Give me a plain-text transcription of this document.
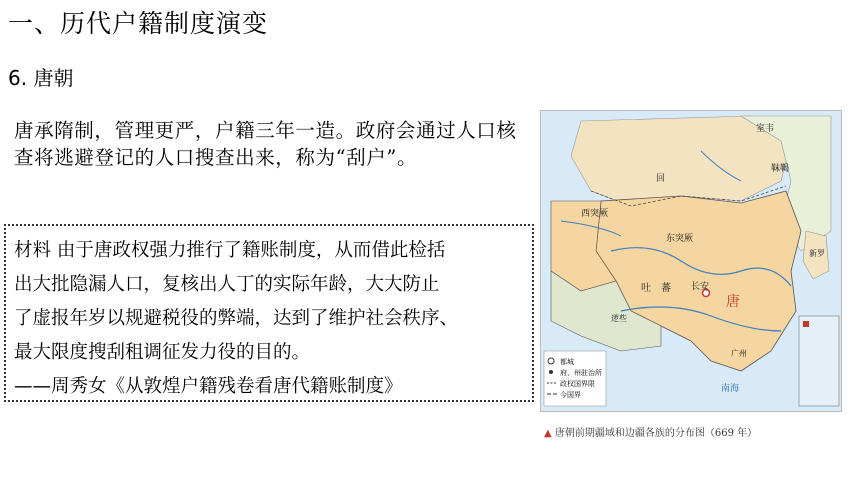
一、历代户籍制度演变
6. 唐朝
唐承隋制，管理更严，户籍三年一造。政府会通过人口核查将逃避登记的人口搜查出来，称为“刮户”。
材料 由于唐政权强力推行了籍账制度，从而借此检括
出大批隐漏人口，复核出人丁的实际年龄，大大防止
了虚报年岁以规避税役的弊端，达到了维护社会秩序、
最大限度搜刮租调征发力役的目的。
——周秀女《从敦煌户籍残卷看唐代籍账制度》
都城
府、州驻治所
政权国界限
今国界
唐
长安
吐　蕃
回
东突厥
西突厥
室韦
靺鞨
新罗
广州
逻些
南海
▲ 唐朝前期疆域和边疆各族的分布图（669 年）
